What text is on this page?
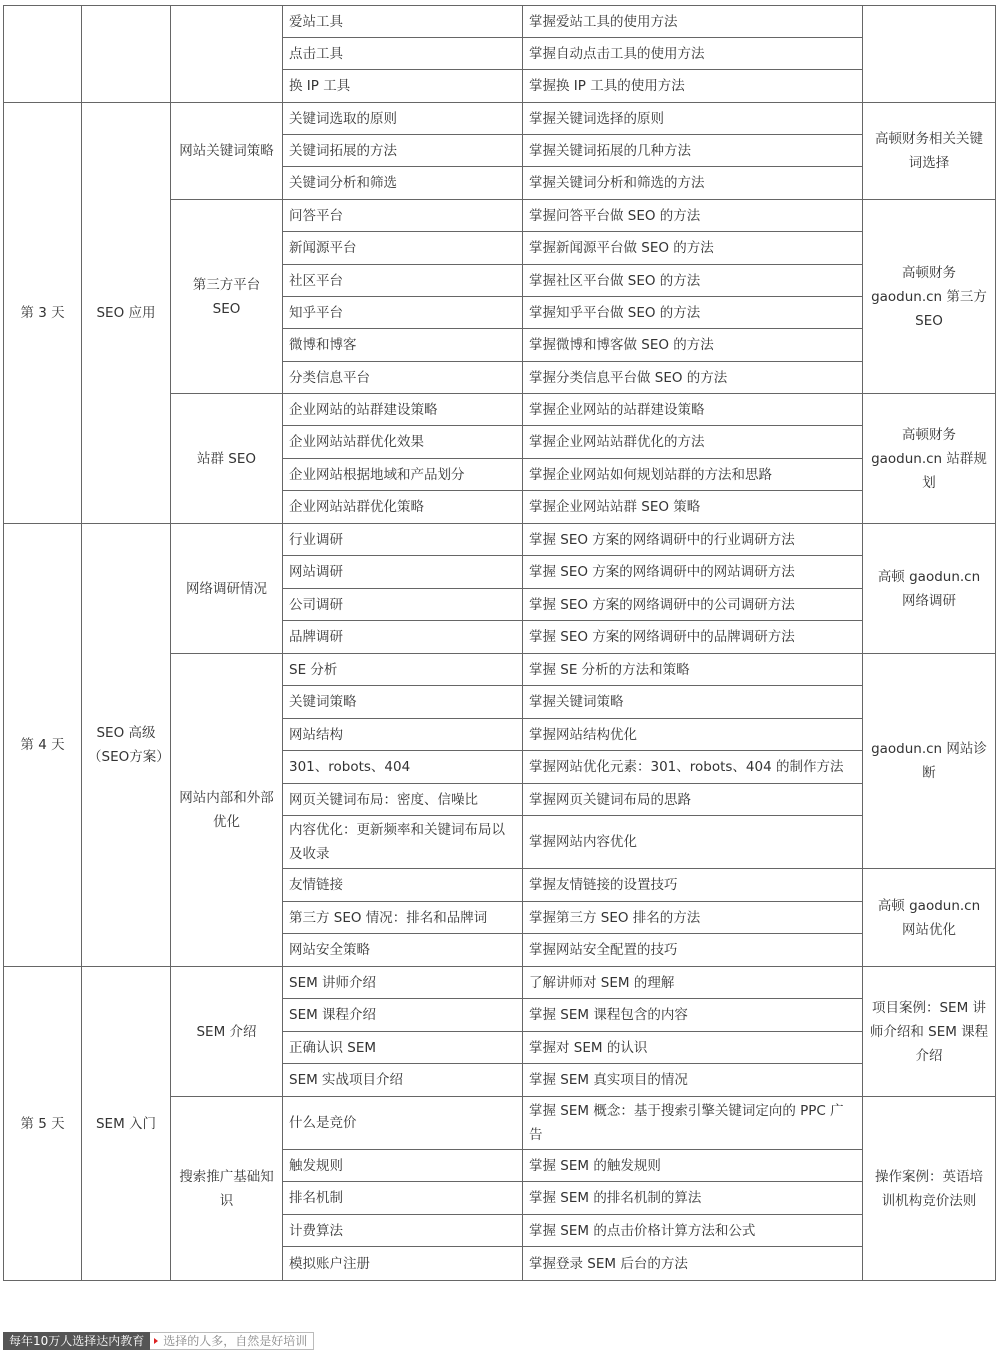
			爱站工具	掌握爱站工具的使用方法	
			点击工具	掌握自动点击工具的使用方法	
			换 IP 工具	掌握换 IP 工具的使用方法	
第 3 天	SEO 应用	网站关键词策略	关键词选取的原则	掌握关键词选择的原则	高顿财务相关关键词选择
			关键词拓展的方法	掌握关键词拓展的几种方法	
			关键词分析和筛选	掌握关键词分析和筛选的方法	
		第三方平台 SEO	问答平台	掌握问答平台做 SEO 的方法	高顿财务 gaodun.cn 第三方 SEO
			新闻源平台	掌握新闻源平台做 SEO 的方法	
			社区平台	掌握社区平台做 SEO 的方法	
			知乎平台	掌握知乎平台做 SEO 的方法	
			微博和博客	掌握微博和博客做 SEO 的方法	
			分类信息平台	掌握分类信息平台做 SEO 的方法	
		站群 SEO	企业网站的站群建设策略	掌握企业网站的站群建设策略	高顿财务 gaodun.cn 站群规划
			企业网站站群优化效果	掌握企业网站站群优化的方法	
			企业网站根据地域和产品划分	掌握企业网站如何规划站群的方法和思路	
			企业网站站群优化策略	掌握企业网站站群 SEO 策略	
第 4 天	SEO 高级（SEO方案）	网络调研情况	行业调研	掌握 SEO 方案的网络调研中的行业调研方法	高顿 gaodun.cn 网络调研
			网站调研	掌握 SEO 方案的网络调研中的网站调研方法	
			公司调研	掌握 SEO 方案的网络调研中的公司调研方法	
			品牌调研	掌握 SEO 方案的网络调研中的品牌调研方法	
		网站内部和外部优化	SE 分析	掌握 SE 分析的方法和策略	gaodun.cn 网站诊断
			关键词策略	掌握关键词策略	
			网站结构	掌握网站结构优化	
			301、robots、404	掌握网站优化元素：301、robots、404 的制作方法	
			网页关键词布局：密度、信噪比	掌握网页关键词布局的思路	
			内容优化：更新频率和关键词布局以及收录	掌握网站内容优化	
			友情链接	掌握友情链接的设置技巧	高顿 gaodun.cn 网站优化
			第三方 SEO 情况：排名和品牌词	掌握第三方 SEO 排名的方法	
			网站安全策略	掌握网站安全配置的技巧	
第 5 天	SEM 入门	SEM 介绍	SEM 讲师介绍	了解讲师对 SEM 的理解	项目案例：SEM 讲师介绍和 SEM 课程介绍
			SEM 课程介绍	掌握 SEM 课程包含的内容	
			正确认识 SEM	掌握对 SEM 的认识	
			SEM 实战项目介绍	掌握 SEM 真实项目的情况	
		搜索推广基础知识	什么是竞价	掌握 SEM 概念：基于搜索引擎关键词定向的 PPC 广告	操作案例：英语培训机构竞价法则
			触发规则	掌握 SEM 的触发规则	
			排名机制	掌握 SEM 的排名机制的算法	
			计费算法	掌握 SEM 的点击价格计算方法和公式	
			模拟账户注册	掌握登录 SEM 后台的方法	
每年10万人选择达内教育	选择的人多，自然是好培训
